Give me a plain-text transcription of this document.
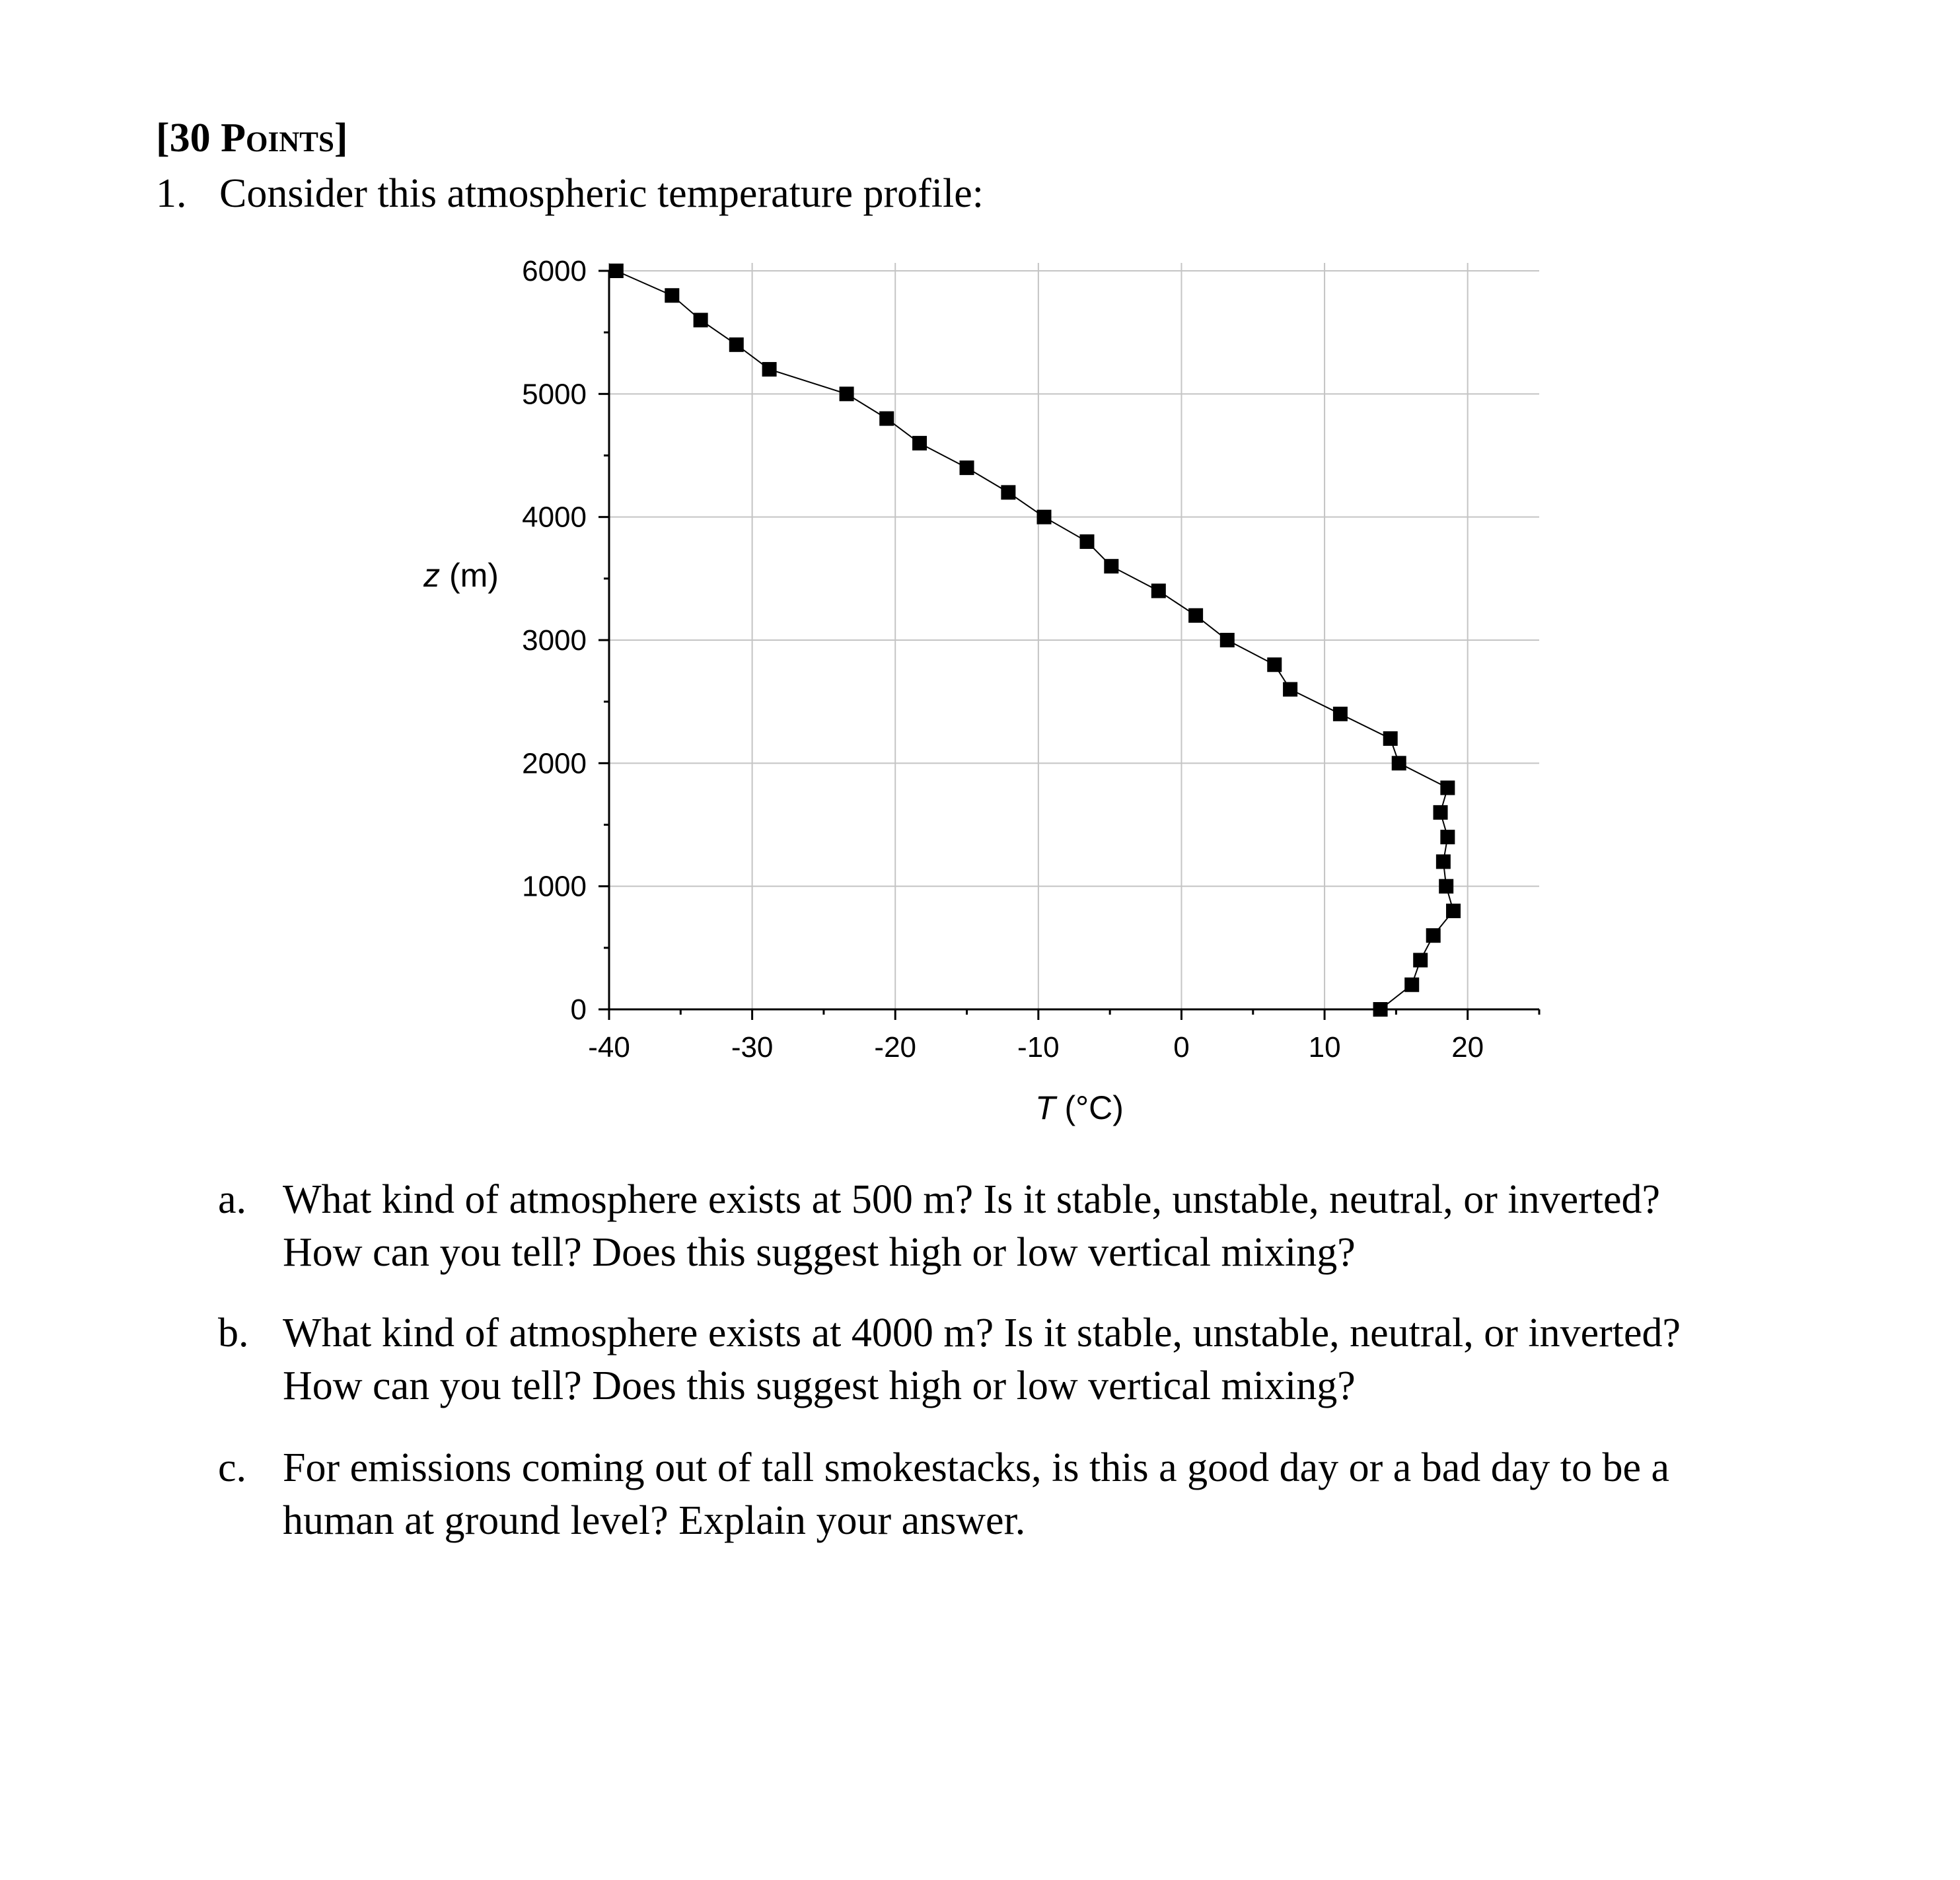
[30 Points]
1. Consider this atmospheric temperature profile:
-40	-30	-20	-10	0	10	20
0
1000
2000
3000
4000
5000
6000
z (m)
T (°C)
a. What kind of atmosphere exists at 500 m? Is it stable, unstable, neutral, or inverted?
How can you tell? Does this suggest high or low vertical mixing?
b. What kind of atmosphere exists at 4000 m? Is it stable, unstable, neutral, or inverted?
How can you tell? Does this suggest high or low vertical mixing?
c. For emissions coming out of tall smokestacks, is this a good day or a bad day to be a
human at ground level? Explain your answer.
